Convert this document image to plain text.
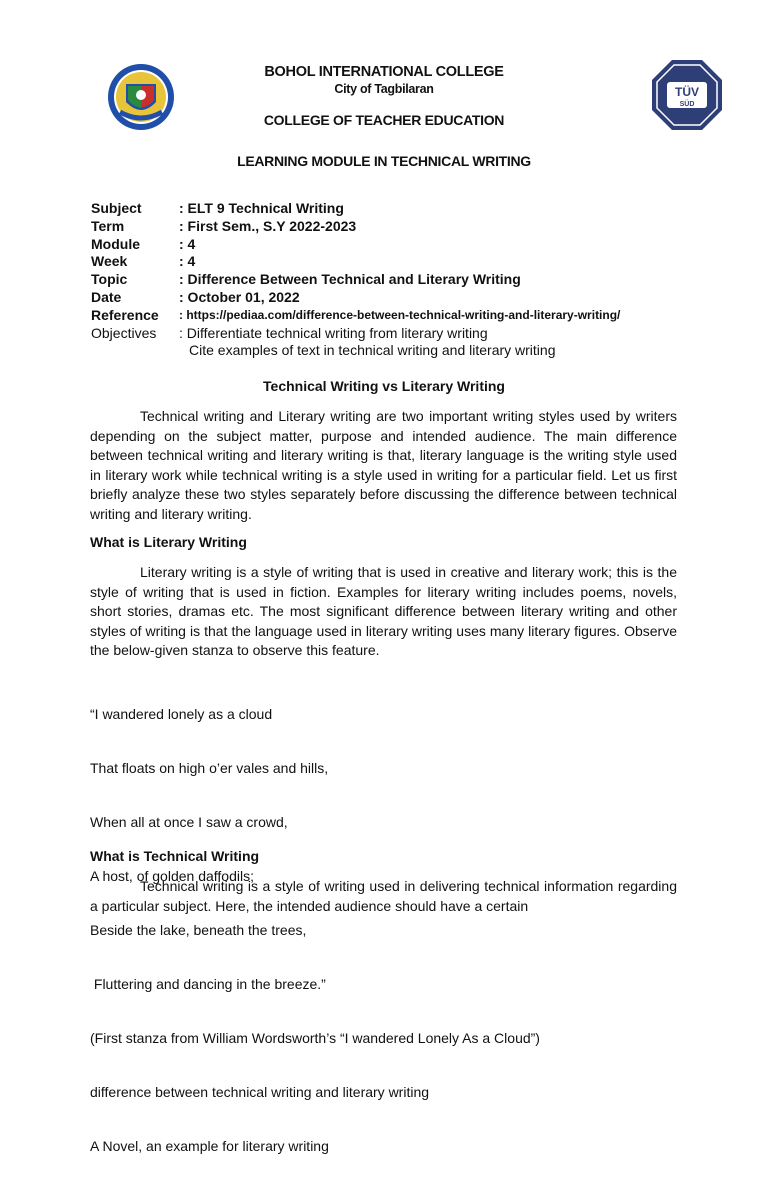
TÜV
SÜD
BOHOL INTERNATIONAL COLLEGE
City of Tagbilaran
COLLEGE OF TEACHER EDUCATION
LEARNING MODULE IN TECHNICAL WRITING
Subject	: ELT 9 Technical Writing
Term	: First Sem., S.Y 2022-2023
Module	: 4
Week	: 4
Topic	: Difference Between Technical and Literary Writing
Date	: October 01, 2022
Reference	: https://pediaa.com/difference-between-technical-writing-and-literary-writing/
Objectives	: Differentiate technical writing from literary writing
Cite examples of text in technical writing and literary writing
Technical Writing vs Literary Writing

Technical writing and Literary writing are two important writing styles used by writers depending on the subject matter, purpose and intended audience. The main difference between technical writing and literary writing is that, literary language is the writing style used in literary work while technical writing is a style used in writing for a particular field. Let us first briefly analyze these two styles separately before discussing the difference between technical writing and literary writing.

What is Literary Writing

Literary writing is a style of writing that is used in creative and literary work; this is the style of writing that is used in fiction. Examples for literary writing includes poems, novels, short stories, dramas etc. The most significant difference between literary writing and other styles of writing is that the language used in literary writing uses many literary figures. Observe the below-given stanza to observe this feature.

“I wandered lonely as a cloud

That floats on high o’er vales and hills,

When all at once I saw a crowd,

A host, of golden daffodils;

Beside the lake, beneath the trees,

Fluttering and dancing in the breeze.”

(First stanza from William Wordsworth’s “I wandered Lonely As a Cloud”)

difference between technical writing and literary writing

A Novel, an example for literary writing

What is Technical Writing

Technical writing is a style of writing used in delivering technical information regarding a particular subject. Here, the intended audience should have a certain
